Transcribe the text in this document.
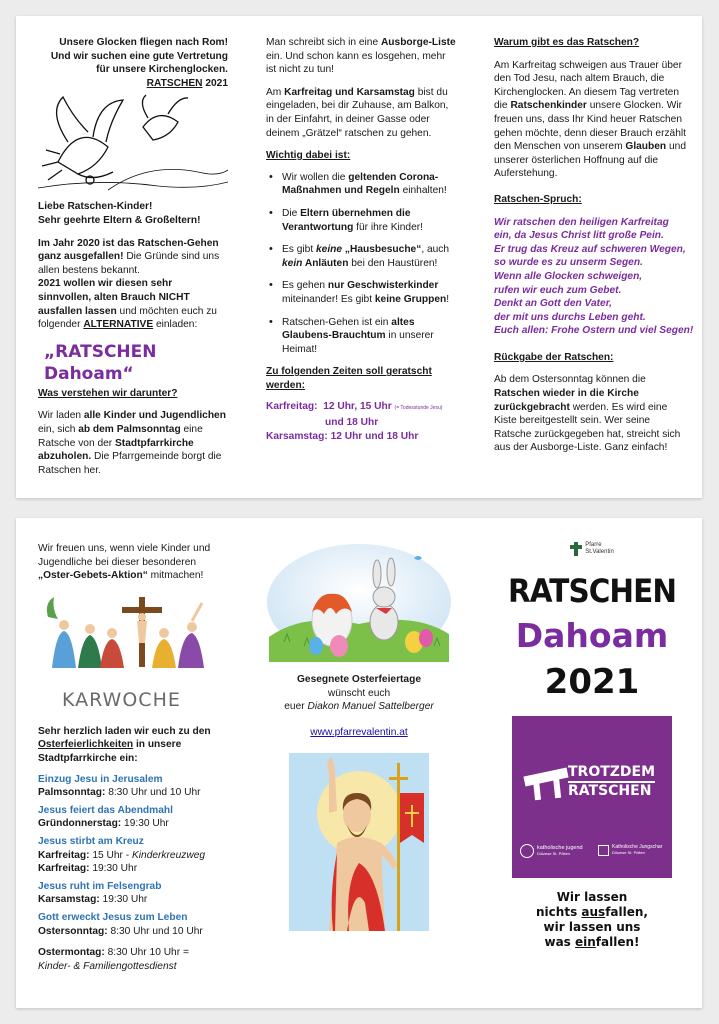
Unsere Glocken fliegen nach Rom!
Und wir suchen eine gute Vertretung
für unsere Kirchenglocken.
RATSCHEN 2021
Liebe Ratschen-Kinder!
Sehr geehrte Eltern & Großeltern!
Im Jahr 2020 ist das Ratschen-Gehen ganz ausgefallen! Die Gründe sind uns allen bestens bekannt.
2021 wollen wir diesen sehr sinnvollen, alten Brauch NICHT ausfallen lassen und möchten euch zu folgender ALTERNATIVE einladen:
„RATSCHEN Dahoam“
Was verstehen wir darunter?
Wir laden alle Kinder und Jugendlichen ein, sich ab dem Palmsonntag eine Ratsche von der Stadtpfarrkirche abzuholen. Die Pfarrgemeinde borgt die Ratschen her.
Man schreibt sich in eine Ausborge-Liste ein. Und schon kann es losgehen, mehr ist nicht zu tun!
Am Karfreitag und Karsamstag bist du eingeladen, bei dir Zuhause, am Balkon, in der Einfahrt, in deiner Gasse oder deinem „Grätzel“ ratschen zu gehen.
Wichtig dabei ist:
• Wir wollen die geltenden Corona-Maßnahmen und Regeln einhalten!
• Die Eltern übernehmen die Verantwortung für ihre Kinder!
• Es gibt keine „Hausbesuche“, auch kein Anläuten bei den Haustüren!
• Es gehen nur Geschwisterkinder miteinander! Es gibt keine Gruppen!
• Ratschen-Gehen ist ein altes Glaubens-Brauchtum in unserer Heimat!
Zu folgenden Zeiten soll geratscht werden:
Karfreitag: 12 Uhr, 15 Uhr (= Todesstunde Jesu)
und 18 Uhr
Karsamstag: 12 Uhr und 18 Uhr
Warum gibt es das Ratschen?
Am Karfreitag schweigen aus Trauer über den Tod Jesu, nach altem Brauch, die Kirchenglocken. An diesem Tag vertreten die Ratschenkinder unsere Glocken. Wir freuen uns, dass Ihr Kind heuer Ratschen gehen möchte, denn dieser Brauch erzählt den Menschen von unserem Glauben und unserer österlichen Hoffnung auf die Auferstehung.
Ratschen-Spruch:
Wir ratschen den heiligen Karfreitag
ein, da Jesus Christ litt große Pein.
Er trug das Kreuz auf schweren Wegen,
so wurde es zu unserm Segen.
Wenn alle Glocken schweigen,
rufen wir euch zum Gebet.
Denkt an Gott den Vater,
der mit uns durchs Leben geht.
Euch allen: Frohe Ostern und viel Segen!
Rückgabe der Ratschen:
Ab dem Ostersonntag können die Ratschen wieder in die Kirche zurückgebracht werden. Es wird eine Kiste bereitgestellt sein. Wer seine Ratsche zurückgegeben hat, streicht sich aus der Ausborge-Liste. Ganz einfach!
Wir freuen uns, wenn viele Kinder und Jugendliche bei dieser besonderen „Oster-Gebets-Aktion“ mitmachen!
KARWOCHE
Sehr herzlich laden wir euch zu den Osterfeierlichkeiten in unsere Stadtpfarrkirche ein:
Einzug Jesu in Jerusalem
Palmsonntag: 8:30 Uhr und 10 Uhr
Jesus feiert das Abendmahl
Gründonnerstag: 19:30 Uhr
Jesus stirbt am Kreuz
Karfreitag: 15 Uhr - Kinderkreuzweg
Karfreitag: 19:30 Uhr
Jesus ruht im Felsengrab
Karsamstag: 19:30 Uhr
Gott erweckt Jesus zum Leben
Ostersonntag: 8:30 Uhr und 10 Uhr
Ostermontag: 8:30 Uhr 10 Uhr =
Kinder- & Familiengottesdienst
Gesegnete Osterfeiertage
wünscht euch
euer Diakon Manuel Sattelberger
www.pfarrevalentin.at
Pfarre
St.Valentin
RATSCHEN
Dahoam
2021
TROTZDEM
RATSCHEN
katholische jugend
Diözese St. Pölten
Katholische Jungschar
Diözese St. Pölten
Wir lassen
nichts ausfallen,
wir lassen uns
was einfallen!
